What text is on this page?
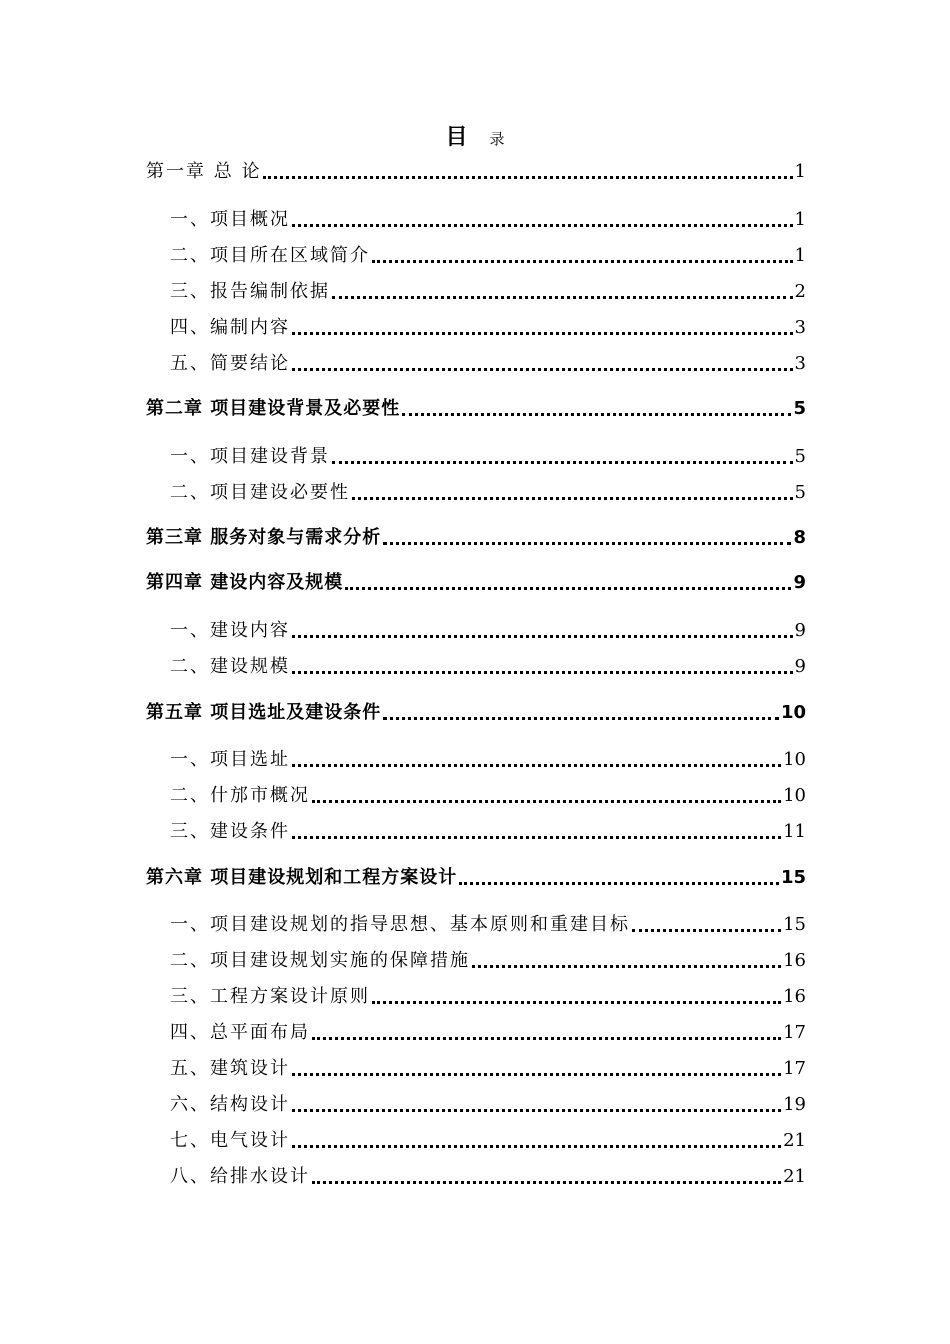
目 录
第一章 总 论	1
一、项目概况	1
二、项目所在区域简介	1
三、报告编制依据	2
四、编制内容	3
五、简要结论	3
第二章 项目建设背景及必要性	5
一、项目建设背景	5
二、项目建设必要性	5
第三章 服务对象与需求分析	8
第四章 建设内容及规模	9
一、建设内容	9
二、建设规模	9
第五章 项目选址及建设条件	10
一、项目选址	10
二、什邡市概况	10
三、建设条件	11
第六章 项目建设规划和工程方案设计	15
一、项目建设规划的指导思想、基本原则和重建目标	15
二、项目建设规划实施的保障措施	16
三、工程方案设计原则	16
四、总平面布局	17
五、建筑设计	17
六、结构设计	19
七、电气设计	21
八、给排水设计	21
